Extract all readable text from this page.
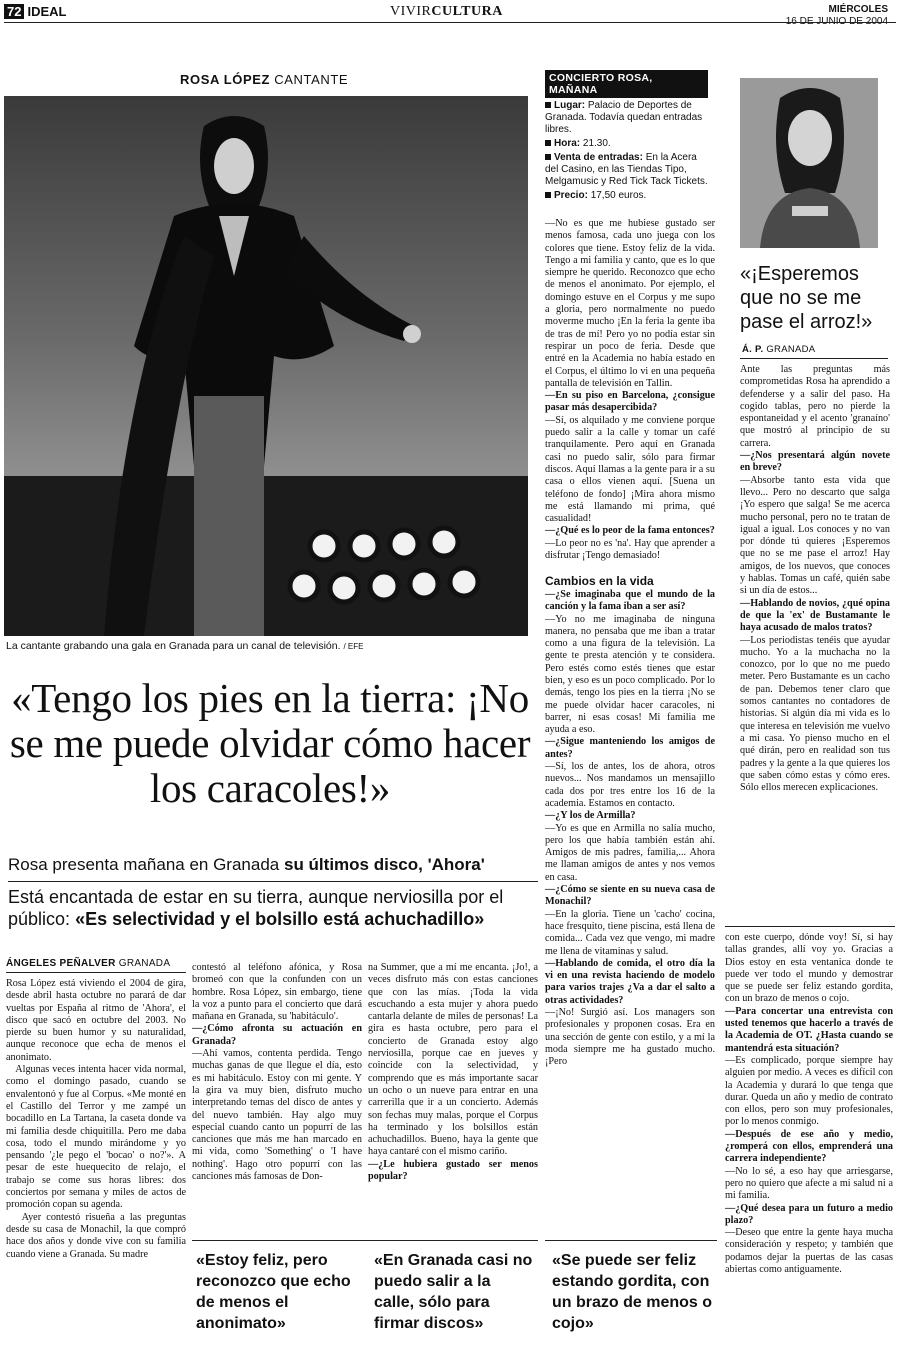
72 IDEAL	VIVIRCULTURA	MIÉRCOLES
16 DE JUNIO DE 2004
ROSA LÓPEZ CANTANTE
La cantante grabando una gala en Granada para un canal de televisión. / EFE
«Tengo los pies en la tierra: ¡No se me puede olvidar cómo hacer los caracoles!»
Rosa presenta mañana en Granada su últimos disco, 'Ahora'
Está encantada de estar en su tierra, aunque nerviosilla por el público: «Es selectividad y el bolsillo está achuchadillo»
ÁNGELES PEÑALVER GRANADA
Rosa López está viviendo el 2004 de gira, desde abril hasta octubre no parará de dar vueltas por España al ritmo de 'Ahora', el disco que sacó en octubre del 2003. No pierde su buen humor y su naturalidad, aunque reconoce que echa de menos el anonimato.
Algunas veces intenta hacer vida normal, como el domingo pasado, cuando se envalentonó y fue al Corpus. «Me monté en el Castillo del Terror y me zampé un bocadillo en La Tartana, la caseta donde va mi familia desde chiquitilla. Pero me daba cosa, todo el mundo mirándome y yo pensando '¿le pego el 'bocao' o no?'». A pesar de este huequecito de relajo, el trabajo se come sus horas libres: dos conciertos por semana y miles de actos de promoción copan su agenda.
Ayer contestó risueña a las preguntas desde su casa de Monachil, la que compró hace dos años y donde vive con su familia cuando viene a Granada. Su madre
contestó al teléfono afónica, y Rosa bromeó con que la confunden con un hombre. Rosa López, sin embargo, tiene la voz a punto para el concierto que dará mañana en Granada, su 'habitáculo'.
—¿Cómo afronta su actuación en Granada?
—Ahí vamos, contenta perdida. Tengo muchas ganas de que llegue el día, esto es mi habitáculo. Estoy con mi gente. Y la gira va muy bien, disfruto mucho interpretando temas del disco de antes y del nuevo también. Hay algo muy especial cuando canto un popurrí de las canciones que más me han marcado en mi vida, como 'Something' o 'I have nothing'. Hago otro popurrí con las canciones más famosas de Don-
na Summer, que a mí me encanta. ¡Jo!, a veces disfruto más con estas canciones que con las mías. ¡Toda la vida escuchando a esta mujer y ahora puedo cantarla delante de miles de personas! La gira es hasta octubre, pero para el concierto de Granada estoy algo nerviosilla, porque cae en jueves y coincide con la selectividad, y comprendo que es más importante sacar un ocho o un nueve para entrar en una carrerilla que ir a un concierto. Además son fechas muy malas, porque el Corpus ha terminado y los bolsillos están achuchadillos. Bueno, haya la gente que haya cantaré con el mismo cariño.
—¿Le hubiera gustado ser menos popular?
«Estoy feliz, pero reconozco que echo de menos el anonimato»
«En Granada casi no puedo salir a la calle, sólo para firmar discos»
«Se puede ser feliz estando gordita, con un brazo de menos o cojo»
CONCIERTO ROSA, MAÑANA
Lugar: Palacio de Deportes de Granada. Todavía quedan entradas libres.
Hora: 21.30.
Venta de entradas: En la Acera del Casino, en las Tiendas Tipo, Melgamusic y Red Tick Tack Tickets.
Precio: 17,50 euros.
—No es que me hubiese gustado ser menos famosa, cada uno juega con los colores que tiene. Estoy feliz de la vida. Tengo a mi familia y canto, que es lo que siempre he querido. Reconozco que echo de menos el anonimato. Por ejemplo, el domingo estuve en el Corpus y me supo a gloria, pero normalmente no puedo moverme mucho ¡En la feria la gente iba de tras de mí! Pero yo no podía estar sin respirar un poco de feria. Desde que entré en la Academia no había estado en el Corpus, el último lo vi en una pequeña pantalla de televisión en Tallin.
—En su piso en Barcelona, ¿consigue pasar más desapercibida?
—Sí, os alquilado y me conviene porque puedo salir a la calle y tomar un café tranquilamente. Pero aquí en Granada casi no puedo salir, sólo para firmar discos. Aquí llamas a la gente para ir a su casa o ellos vienen aquí. [Suena un teléfono de fondo] ¡Mira ahora mismo me está llamando mi prima, qué casualidad!
—¿Qué es lo peor de la fama entonces?
—Lo peor no es 'na'. Hay que aprender a disfrutar ¡Tengo demasiado!

Cambios en la vida
—¿Se imaginaba que el mundo de la canción y la fama iban a ser así?
—Yo no me imaginaba de ninguna manera, no pensaba que me iban a tratar como a una figura de la televisión. La gente te presta atención y te considera. Pero estés como estés tienes que estar bien, y eso es un poco complicado. Por lo demás, tengo los pies en la tierra ¡No se me puede olvidar hacer caracoles, ni barrer, ni esas cosas! Mi familia me ayuda a eso.
—¿Sigue manteniendo los amigos de antes?
—Sí, los de antes, los de ahora, otros nuevos... Nos mandamos un mensajillo cada dos por tres entre los 16 de la academia. Estamos en contacto.
—¿Y los de Armilla?
—Yo es que en Armilla no salía mucho, pero los que había también están ahí. Amigos de mis padres, familia,... Ahora me llaman amigos de antes y nos vemos en casa.
—¿Cómo se siente en su nueva casa de Monachil?
—En la gloria. Tiene un 'cacho' cocina, hace fresquito, tiene piscina, está llena de comida... Cada vez que vengo, mi madre me llena de vitaminas y salud.
—Hablando de comida, el otro día la vi en una revista haciendo de modelo para varios trajes ¿Va a dar el salto a otras actividades?
—¡No! Surgió así. Los managers son profesionales y proponen cosas. Era en una sección de gente con estilo, y a mí la moda siempre me ha gustado mucho. ¡Pero
«¡Esperemos que no se me pase el arroz!»
Á. P. GRANADA
Ante las preguntas más comprometidas Rosa ha aprendido a defenderse y a salir del paso. Ha cogido tablas, pero no pierde la espontaneidad y el acento 'granaíno' que mostró al principio de su carrera.
—¿Nos presentará algún novete en breve?
—Absorbe tanto esta vida que llevo... Pero no descarto que salga ¡Yo espero que salga! Se me acerca mucho personal, pero no te tratan de igual a igual. Los conoces y no van por dónde tú quieres ¡Esperemos que no se me pase el arroz! Hay amigos, de los nuevos, que conoces y hablas. Tomas un café, quién sabe si un día de estos...
—Hablando de novios, ¿qué opina de que la 'ex' de Bustamante le haya acusado de malos tratos?
—Los periodistas tenéis que ayudar mucho. Yo a la muchacha no la conozco, por lo que no me puedo meter. Pero Bustamante es un cacho de pan. Debemos tener claro que somos cantantes no contadores de historias. Si algún día mi vida es lo que interesa en televisión me vuelvo a mi casa. Yo pienso mucho en el qué dirán, pero en realidad son tus padres y la gente a la que quieres los que saben cómo estas y cómo eres. Sólo ellos merecen explicaciones.
con este cuerpo, dónde voy! Sí, si hay tallas grandes, allí voy yo. Gracias a Dios estoy en esta ventanica donde te puede ver todo el mundo y demostrar que se puede ser feliz estando gordita, con un brazo de menos o cojo.
—Para concertar una entrevista con usted tenemos que hacerlo a través de la Academia de OT. ¿Hasta cuando se mantendrá esta situación?
—Es complicado, porque siempre hay alguien por medio. A veces es difícil con la Academia y durará lo que tenga que durar. Queda un año y medio de contrato con ellos, pero son muy profesionales, por lo menos conmigo.
—Después de ese año y medio, ¿romperá con ellos, emprenderá una carrera independiente?
—No lo sé, a eso hay que arriesgarse, pero no quiero que afecte a mi salud ni a mi familia.
—¿Qué desea para un futuro a medio plazo?
—Deseo que entre la gente haya mucha consideración y respeto; y también que podamos dejar la puertas de las casas abiertas como antiguamente.
